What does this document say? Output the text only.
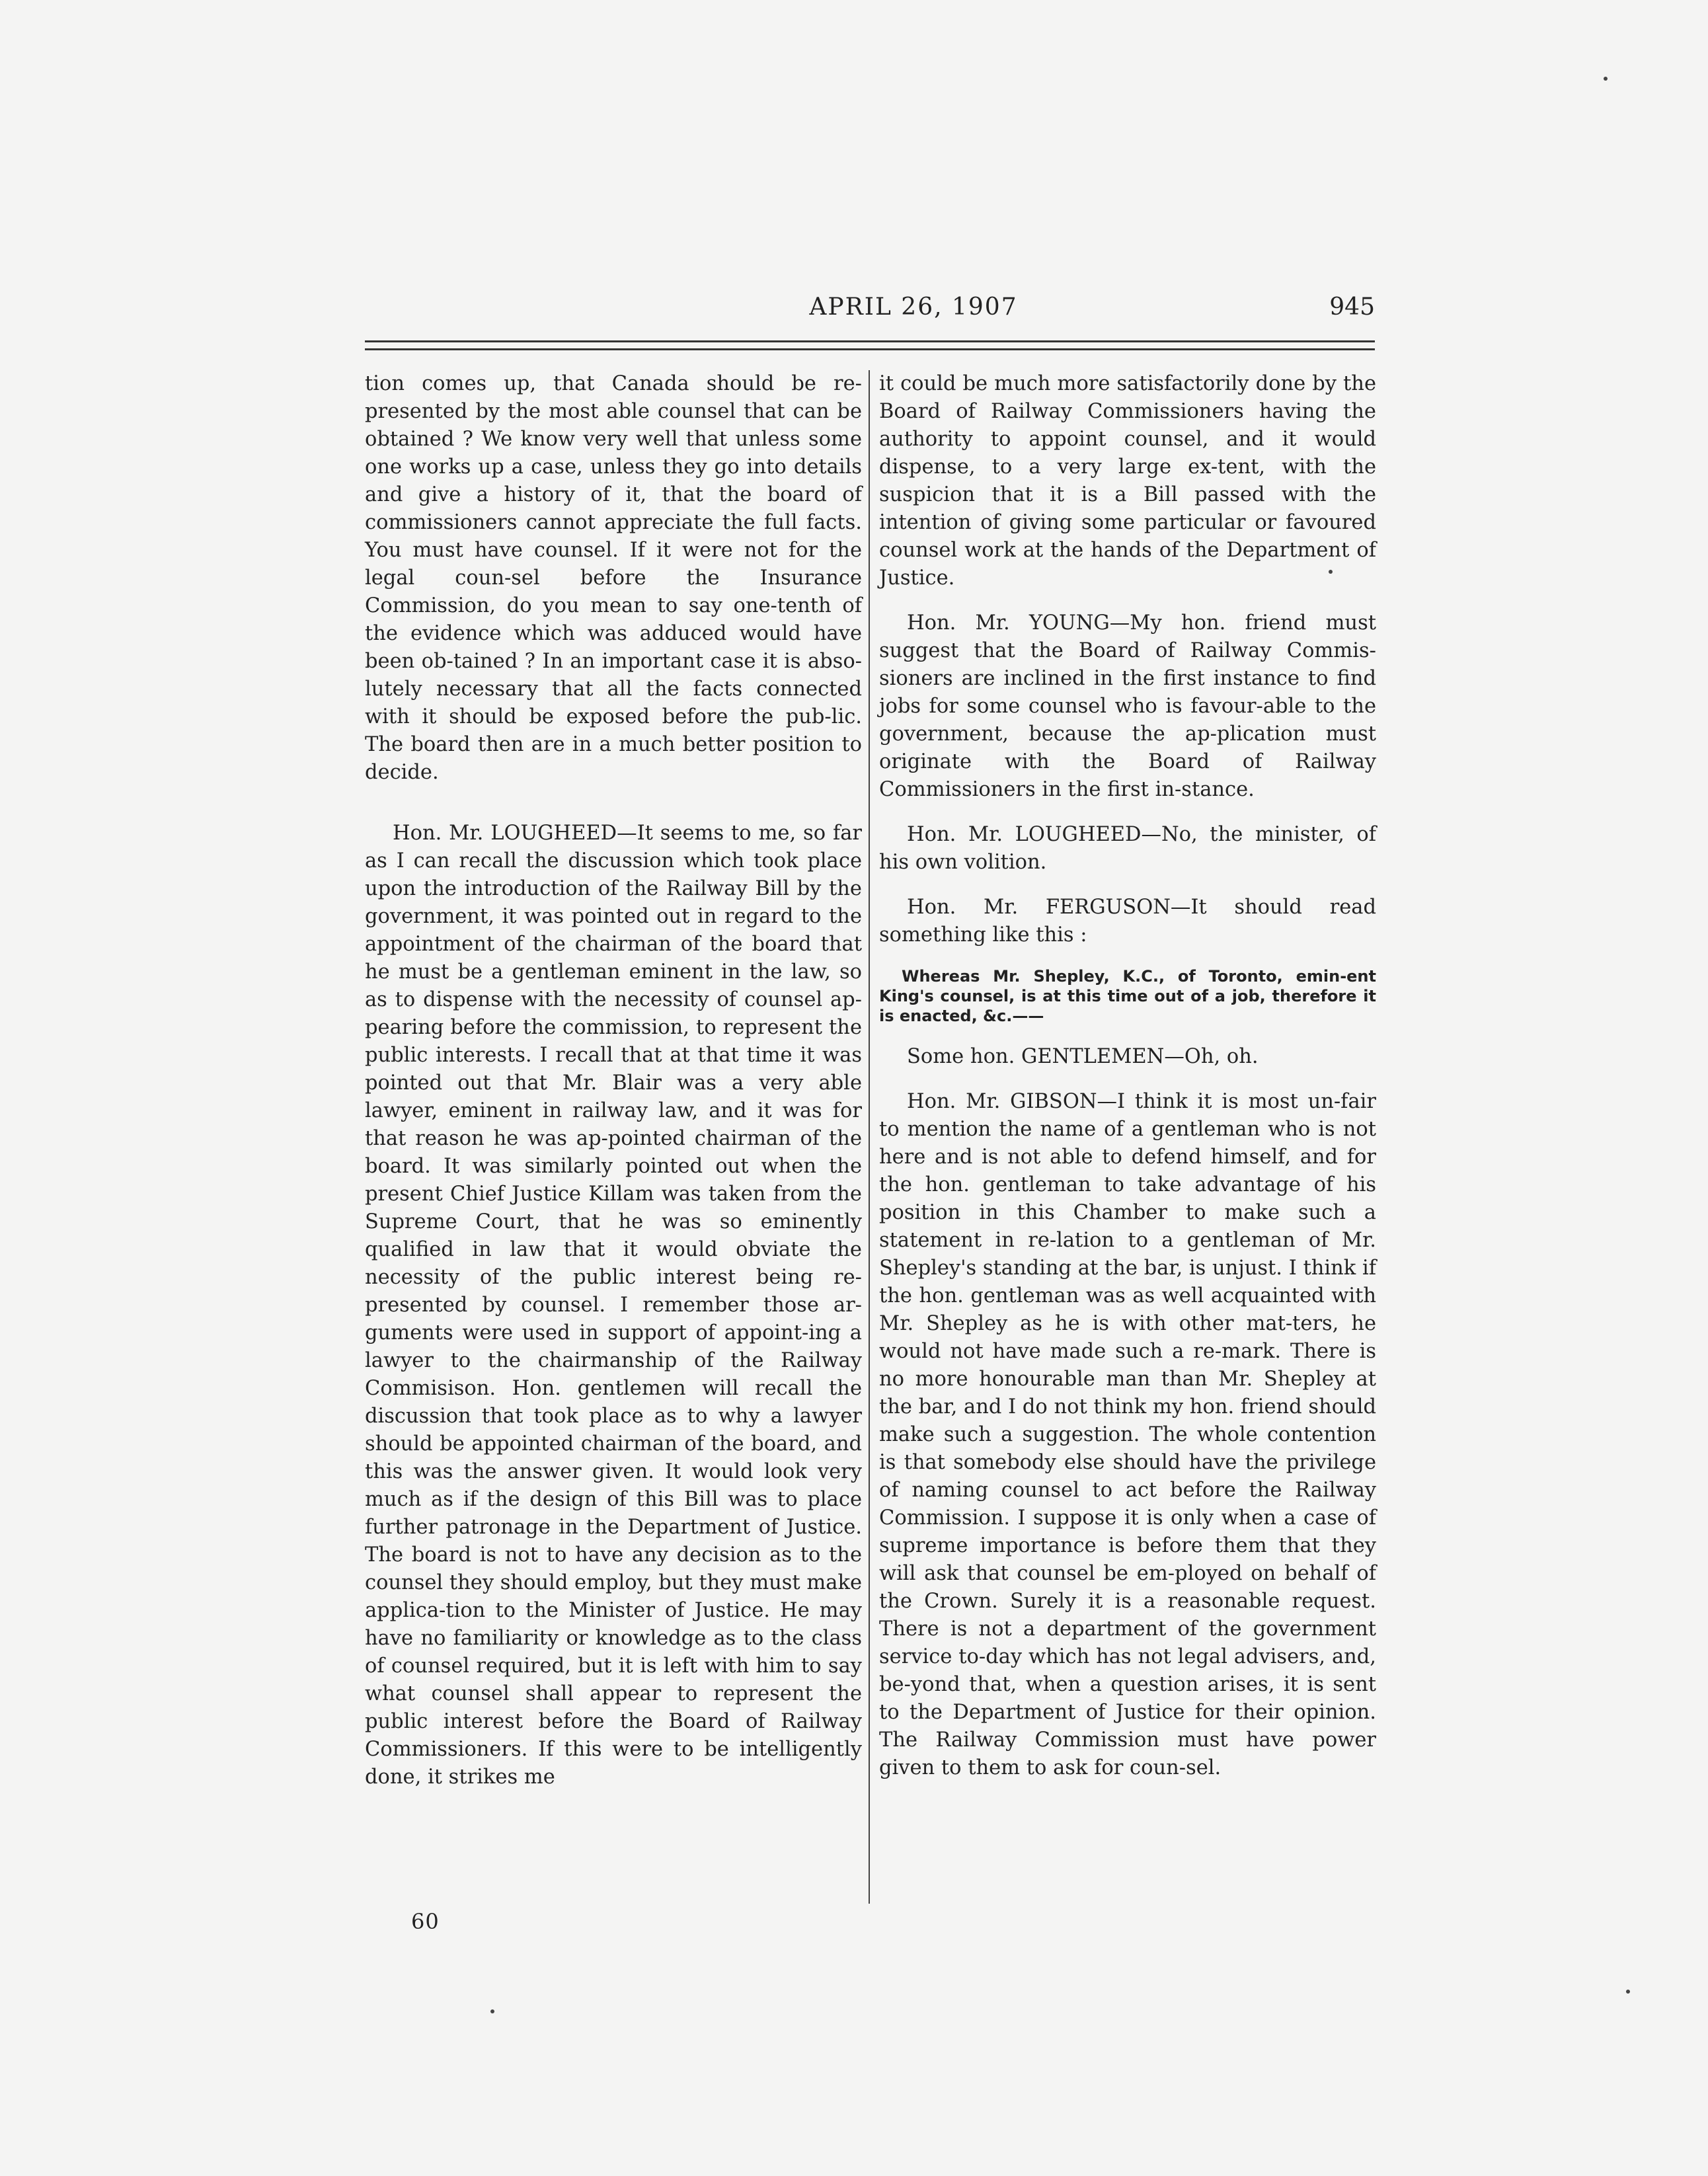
APRIL 26, 1907	945

tion comes up, that Canada should be re-presented by the most able counsel that can be obtained ? We know very well that unless some one works up a case, unless they go into details and give a history of it, that the board of commissioners cannot appreciate the full facts. You must have counsel. If it were not for the legal coun-sel before the Insurance Commission, do you mean to say one-tenth of the evidence which was adduced would have been ob-tained ? In an important case it is abso-lutely necessary that all the facts connected with it should be exposed before the pub-lic. The board then are in a much better position to decide.

Hon. Mr. LOUGHEED—It seems to me, so far as I can recall the discussion which took place upon the introduction of the Railway Bill by the government, it was pointed out in regard to the appointment of the chairman of the board that he must be a gentleman eminent in the law, so as to dispense with the necessity of counsel ap-pearing before the commission, to represent the public interests. I recall that at that time it was pointed out that Mr. Blair was a very able lawyer, eminent in railway law, and it was for that reason he was ap-pointed chairman of the board. It was similarly pointed out when the present Chief Justice Killam was taken from the Supreme Court, that he was so eminently qualified in law that it would obviate the necessity of the public interest being re-presented by counsel. I remember those ar-guments were used in support of appoint-ing a lawyer to the chairmanship of the Railway Commisison. Hon. gentlemen will recall the discussion that took place as to why a lawyer should be appointed chairman of the board, and this was the answer given. It would look very much as if the design of this Bill was to place further patronage in the Department of Justice. The board is not to have any decision as to the counsel they should employ, but they must make applica-tion to the Minister of Justice. He may have no familiarity or knowledge as to the class of counsel required, but it is left with him to say what counsel shall appear to represent the public interest before the Board of Railway Commissioners. If this were to be intelligently done, it strikes me

it could be much more satisfactorily done by the Board of Railway Commissioners having the authority to appoint counsel, and it would dispense, to a very large ex-tent, with the suspicion that it is a Bill passed with the intention of giving some particular or favoured counsel work at the hands of the Department of Justice.

Hon. Mr. YOUNG—My hon. friend must suggest that the Board of Railway Commis-sioners are inclined in the first instance to find jobs for some counsel who is favour-able to the government, because the ap-plication must originate with the Board of Railway Commissioners in the first in-stance.

Hon. Mr. LOUGHEED—No, the minister, of his own volition.

Hon. Mr. FERGUSON—It should read something like this :

Whereas Mr. Shepley, K.C., of Toronto, emin-ent King's counsel, is at this time out of a job, therefore it is enacted, &c.——

Some hon. GENTLEMEN—Oh, oh.

Hon. Mr. GIBSON—I think it is most un-fair to mention the name of a gentleman who is not here and is not able to defend himself, and for the hon. gentleman to take advantage of his position in this Chamber to make such a statement in re-lation to a gentleman of Mr. Shepley's standing at the bar, is unjust. I think if the hon. gentleman was as well acquainted with Mr. Shepley as he is with other mat-ters, he would not have made such a re-mark. There is no more honourable man than Mr. Shepley at the bar, and I do not think my hon. friend should make such a suggestion. The whole contention is that somebody else should have the privilege of naming counsel to act before the Railway Commission. I suppose it is only when a case of supreme importance is before them that they will ask that counsel be em-ployed on behalf of the Crown. Surely it is a reasonable request. There is not a department of the government service to-day which has not legal advisers, and, be-yond that, when a question arises, it is sent to the Department of Justice for their opinion. The Railway Commission must have power given to them to ask for coun-sel.

60
